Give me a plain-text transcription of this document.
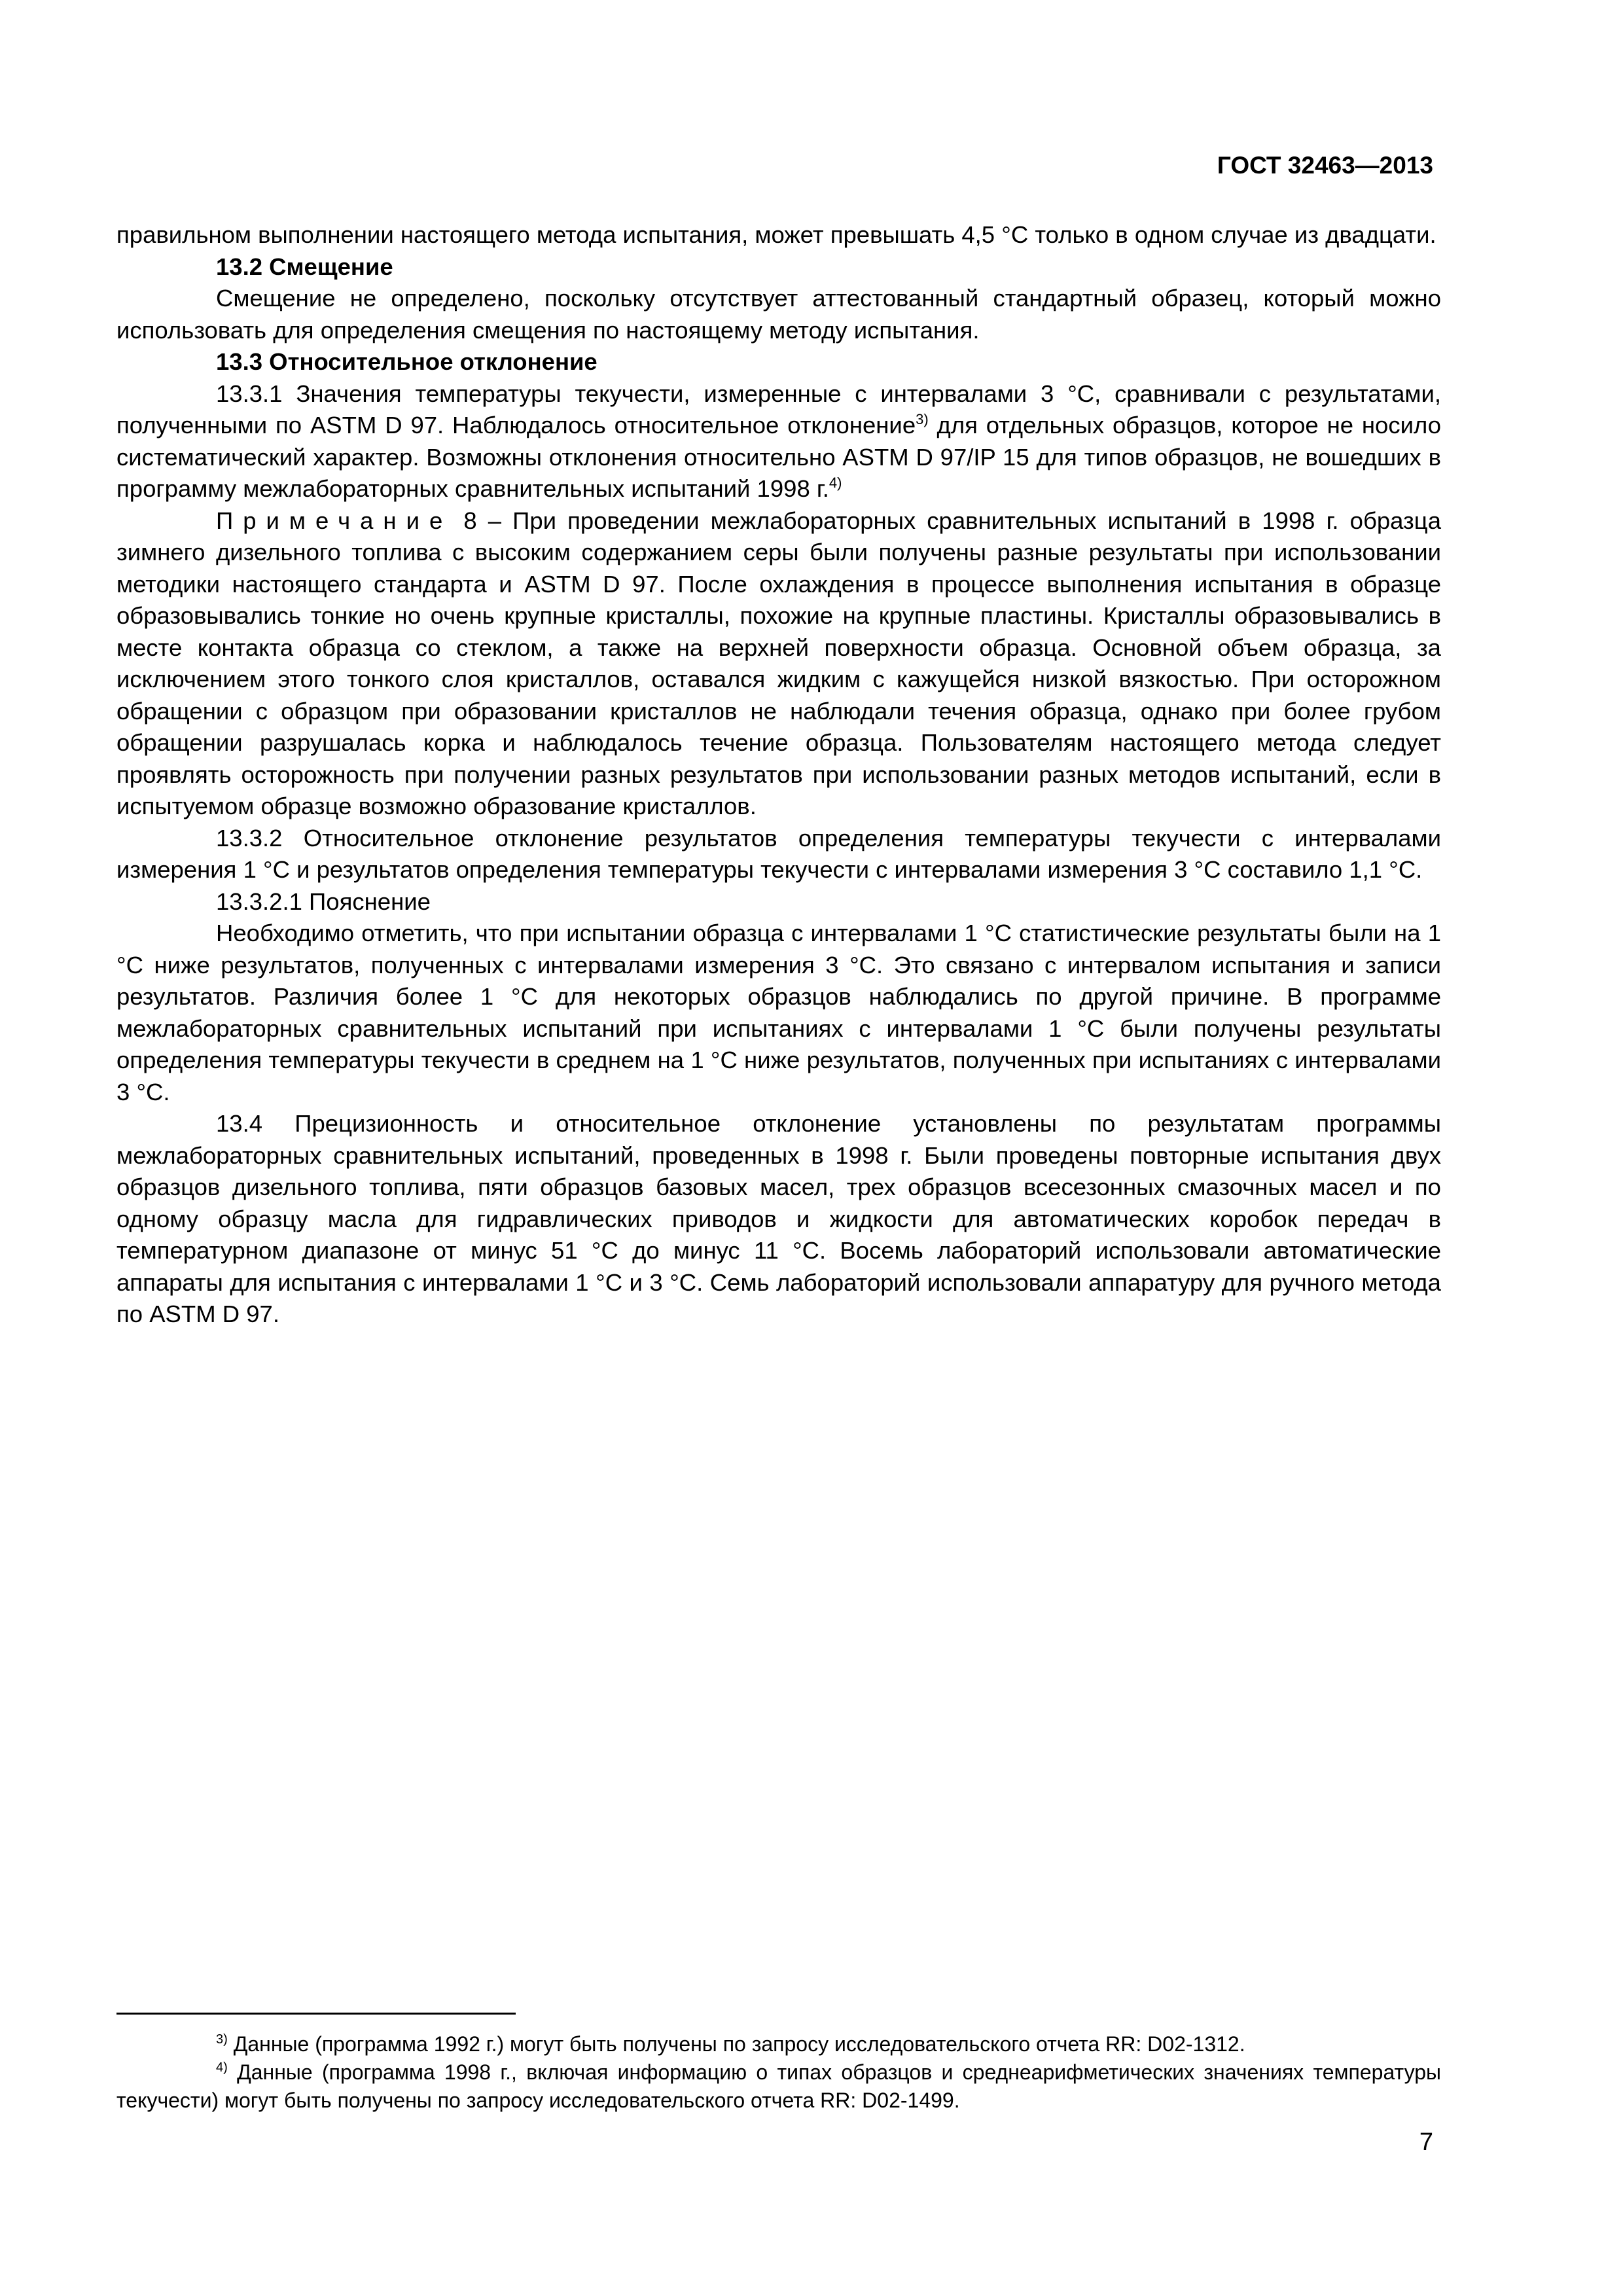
ГОСТ 32463—2013

правильном выполнении настоящего метода испытания, может превышать 4,5 °С только в одном случае из двадцати.

13.2 Смещение

Смещение не определено, поскольку отсутствует аттестованный стандартный образец, который можно использовать для определения смещения по настоящему методу испытания.

13.3 Относительное отклонение

13.3.1 Значения температуры текучести, измеренные с интервалами 3 °С, сравнивали с результатами, полученными по ASTM D 97. Наблюдалось относительное отклонение$^{3)}$ для отдельных образцов, которое не носило систематический характер. Возможны отклонения относительно ASTM D 97/IP 15 для типов образцов, не вошедших в программу межлабораторных сравнительных испытаний 1998 г.$^{4)}$

Примечание 8 – При проведении межлабораторных сравнительных испытаний в 1998 г. образца зимнего дизельного топлива с высоким содержанием серы были получены разные результаты при использовании методики настоящего стандарта и ASTM D 97. После охлаждения в процессе выполнения испытания в образце образовывались тонкие но очень крупные кристаллы, похожие на крупные пластины. Кристаллы образовывались в месте контакта образца со стеклом, а также на верхней поверхности образца. Основной объем образца, за исключением этого тонкого слоя кристаллов, оставался жидким с кажущейся низкой вязкостью. При осторожном обращении с образцом при образовании кристаллов не наблюдали течения образца, однако при более грубом обращении разрушалась корка и наблюдалось течение образца. Пользователям настоящего метода следует проявлять осторожность при получении разных результатов при использовании разных методов испытаний, если в испытуемом образце возможно образование кристаллов.

13.3.2 Относительное отклонение результатов определения температуры текучести с интервалами измерения 1 °С и результатов определения температуры текучести с интервалами измерения 3 °С составило 1,1 °С.

13.3.2.1 Пояснение

Необходимо отметить, что при испытании образца с интервалами 1 °С статистические результаты были на 1 °С ниже результатов, полученных с интервалами измерения 3 °С. Это связано с интервалом испытания и записи результатов. Различия более 1 °С для некоторых образцов наблюдались по другой причине. В программе межлабораторных сравнительных испытаний при испытаниях с интервалами 1 °С были получены результаты определения температуры текучести в среднем на 1 °С ниже результатов, полученных при испытаниях с интервалами 3 °С.

13.4 Прецизионность и относительное отклонение установлены по результатам программы межлабораторных сравнительных испытаний, проведенных в 1998 г. Были проведены повторные испытания двух образцов дизельного топлива, пяти образцов базовых масел, трех образцов всесезонных смазочных масел и по одному образцу масла для гидравлических приводов и жидкости для автоматических коробок передач в температурном диапазоне от минус 51 °С до минус 11 °С. Восемь лабораторий использовали автоматические аппараты для испытания с интервалами 1 °С и 3 °С. Семь лабораторий использовали аппаратуру для ручного метода по ASTM D 97.

$^{3)}$ Данные (программа 1992 г.) могут быть получены по запросу исследовательского отчета RR: D02-1312.

$^{4)}$ Данные (программа 1998 г., включая информацию о типах образцов и среднеарифметических значениях температуры текучести) могут быть получены по запросу исследовательского отчета RR: D02-1499.

7
